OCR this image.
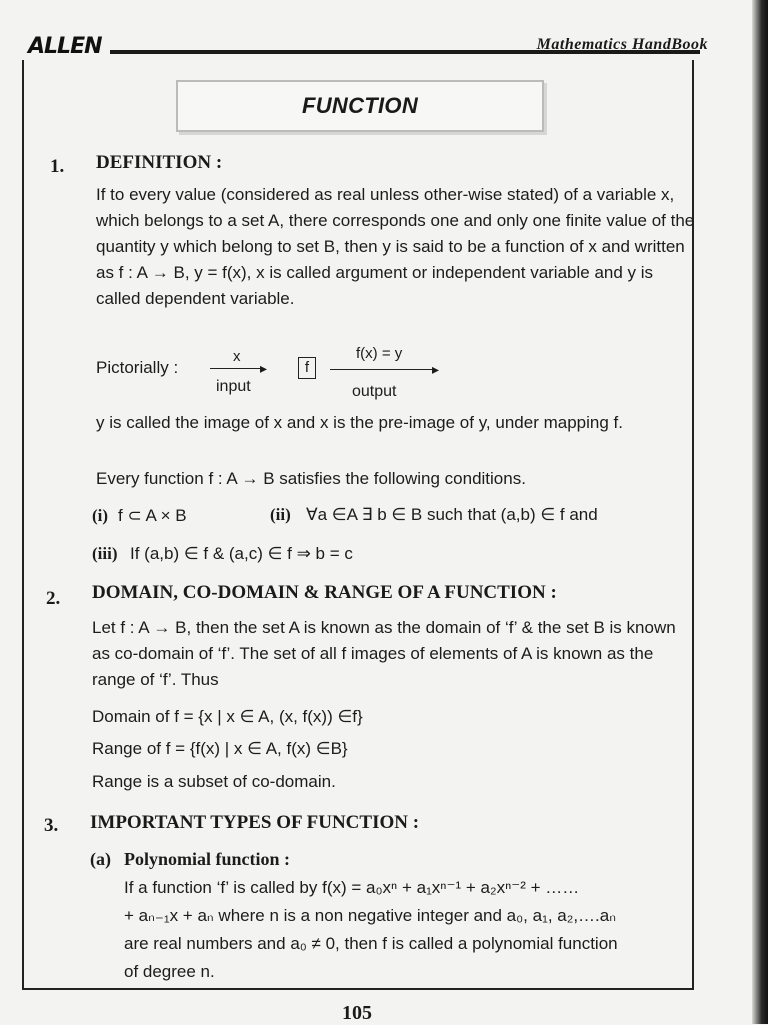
ALLEN	Mathematics HandBook
FUNCTION
1. DEFINITION :
If to every value (considered as real unless other-wise stated) of a variable x, which belongs to a set A, there corresponds one and only one finite value of the quantity y which belong to set B, then y is said to be a function of x and written as f : A → B, y = f(x), x is called argument or independent variable and y is called dependent variable.
Pictorially :
x
▸
input
f
f(x) = y
▸
output
y is called the image of x and x is the pre-image of y, under mapping f.
Every function f : A → B satisfies the following conditions.
(i) f ⊂ A × B	(ii) ∀a ∈A ∃ b ∈ B such that (a,b) ∈ f and
(iii) If (a,b) ∈ f & (a,c) ∈ f ⇒ b = c
2. DOMAIN, CO-DOMAIN & RANGE OF A FUNCTION :
Let f : A → B, then the set A is known as the domain of ‘f’ & the set B is known as co-domain of ‘f’. The set of all f images of elements of A is known as the range of ‘f’. Thus
Domain of f = {x | x ∈ A, (x, f(x)) ∈f}
Range of f = {f(x) | x ∈ A, f(x) ∈B}
Range is a subset of co-domain.
3. IMPORTANT TYPES OF FUNCTION :
(a) Polynomial function :
If a function ‘f’ is called by f(x) = a₀xⁿ + a₁xⁿ⁻¹ + a₂xⁿ⁻² + ……
+ aₙ₋₁x + aₙ where n is a non negative integer and a₀, a₁, a₂,….aₙ
are real numbers and a₀ ≠ 0, then f is called a polynomial function
of degree n.
105
